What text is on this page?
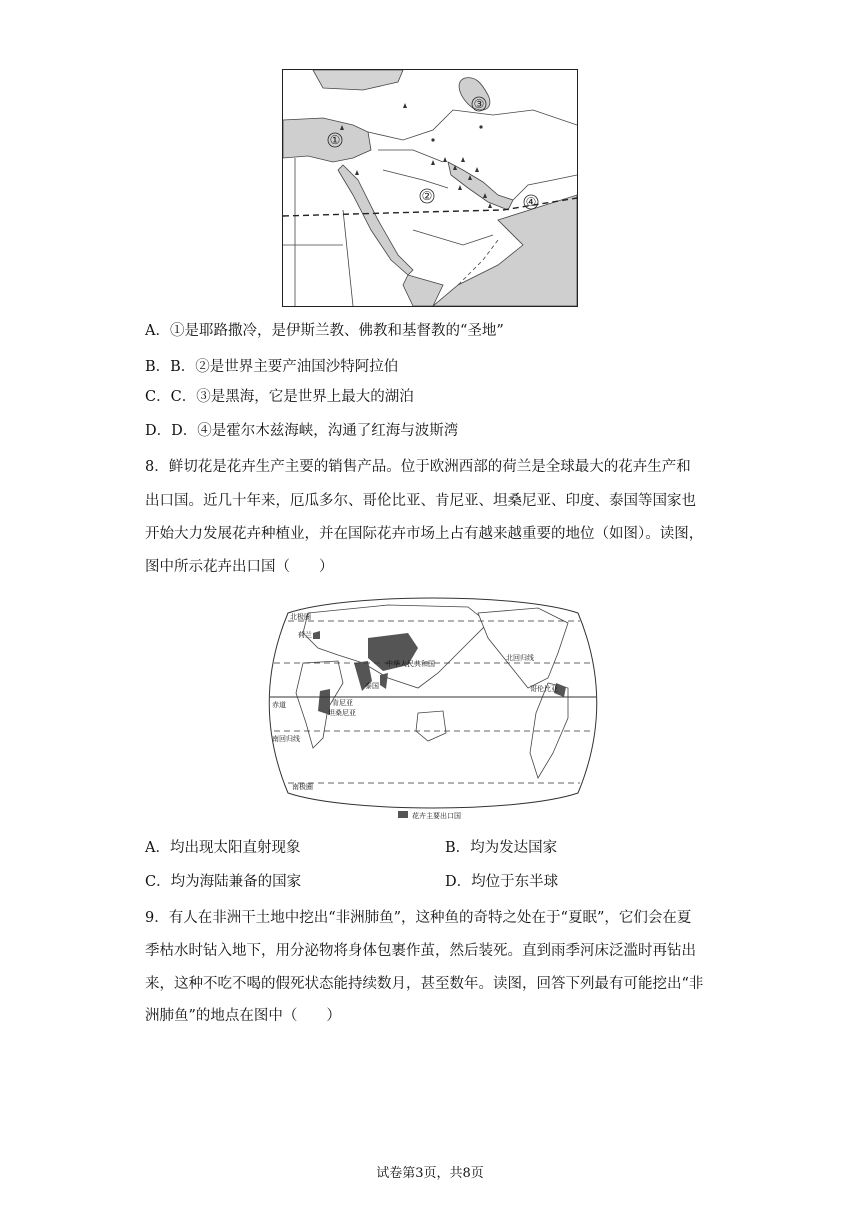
①
②
③
④
A．①是耶路撒冷，是伊斯兰教、佛教和基督教的“圣地”
B．B．②是世界主要产油国沙特阿拉伯
C．C．③是黑海，它是世界上最大的湖泊
D．D．④是霍尔木兹海峡，沟通了红海与波斯湾
8．鲜切花是花卉生产主要的销售产品。位于欧洲西部的荷兰是全球最大的花卉生产和
出口国。近几十年来，厄瓜多尔、哥伦比亚、肯尼亚、坦桑尼亚、印度、泰国等国家也
开始大力发展花卉种植业，并在国际花卉市场上占有越来越重要的地位（如图）。读图，
图中所示花卉出口国（　　）
北极圈
荷兰
中华人民共和国
北回归线
泰国	哥伦比亚
赤道	肯尼亚
坦桑尼亚
南回归线
南极圈
花卉主要出口国
A．均出现太阳直射现象	B．均为发达国家
C．均为海陆兼备的国家	D．均位于东半球
9．有人在非洲干土地中挖出“非洲肺鱼”，这种鱼的奇特之处在于“夏眠”，它们会在夏
季枯水时钻入地下，用分泌物将身体包裹作茧，然后装死。直到雨季河床泛滥时再钻出
来，这种不吃不喝的假死状态能持续数月，甚至数年。读图，回答下列最有可能挖出“非
洲肺鱼”的地点在图中（　　）
试卷第3页，共8页
